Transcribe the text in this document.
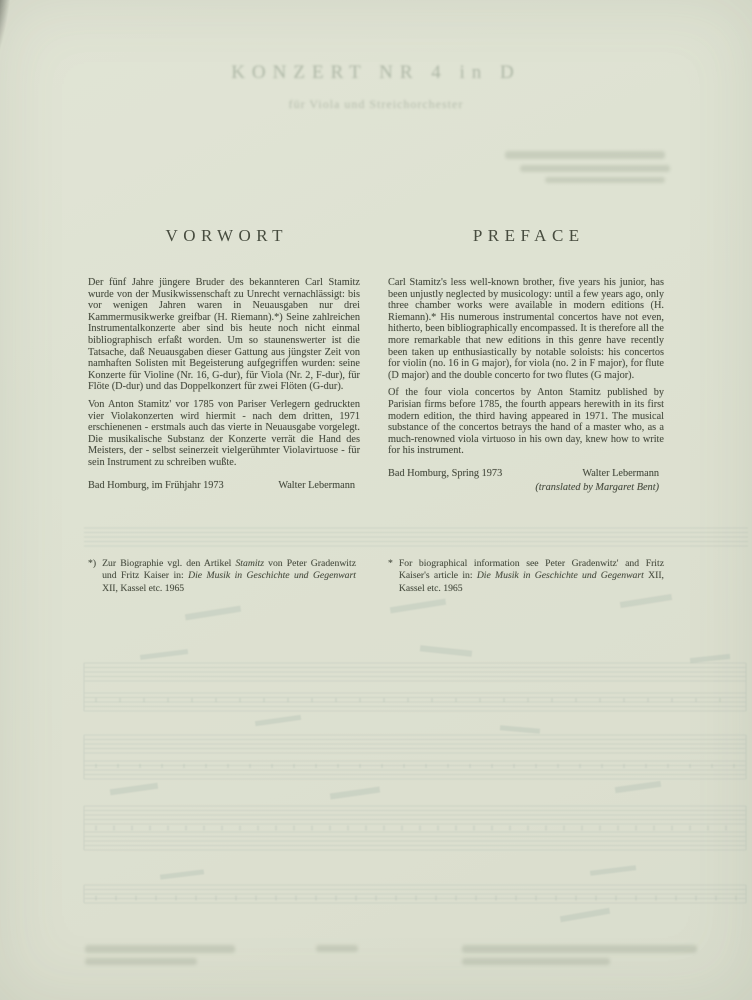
KONZERT NR 4 in D
für Viola und Streichorchester
VORWORT

Der fünf Jahre jüngere Bruder des bekannteren Carl Stamitz wurde von der Musikwissenschaft zu Unrecht vernachlässigt: bis vor wenigen Jahren waren in Neuausgaben nur drei Kammermusikwerke greifbar (H. Riemann).*) Seine zahlreichen Instrumentalkonzerte aber sind bis heute noch nicht einmal bibliographisch erfaßt worden. Um so staunenswerter ist die Tatsache, daß Neuausgaben dieser Gattung aus jüngster Zeit von namhaften Solisten mit Begeisterung aufgegriffen wurden: seine Konzerte für Violine (Nr. 16, G-dur), für Viola (Nr. 2, F-dur), für Flöte (D-dur) und das Doppelkonzert für zwei Flöten (G-dur).

Von Anton Stamitz' vor 1785 von Pariser Verlegern gedruckten vier Violakonzerten wird hiermit - nach dem dritten, 1971 erschienenen - erstmals auch das vierte in Neuausgabe vorgelegt. Die musikalische Substanz der Konzerte verrät die Hand des Meisters, der - selbst seinerzeit vielgerühmter Violavirtuose - für sein Instrument zu schreiben wußte.

Bad Homburg, im Frühjahr 1973	Walter Lebermann
PREFACE

Carl Stamitz's less well-known brother, five years his junior, has been unjustly neglected by musicology: until a few years ago, only three chamber works were available in modern editions (H. Riemann).* His numerous instrumental concertos have not even, hitherto, been bibliographically encompassed. It is therefore all the more remarkable that new editions in this genre have recently been taken up enthusiastically by notable soloists: his concertos for violin (no. 16 in G major), for viola (no. 2 in F major), for flute (D major) and the double concerto for two flutes (G major).

Of the four viola concertos by Anton Stamitz published by Parisian firms before 1785, the fourth appears herewith in its first modern edition, the third having appeared in 1971. The musical substance of the concertos betrays the hand of a master who, as a much-renowned viola virtuoso in his own day, knew how to write for his instrument.

Bad Homburg, Spring 1973	Walter Lebermann
(translated by Margaret Bent)
*) Zur Biographie vgl. den Artikel Stamitz von Peter Gradenwitz und Fritz Kaiser in: Die Musik in Geschichte und Gegenwart XII, Kassel etc. 1965
* For biographical information see Peter Gradenwitz' and Fritz Kaiser's article in: Die Musik in Geschichte und Gegenwart XII, Kassel etc. 1965
